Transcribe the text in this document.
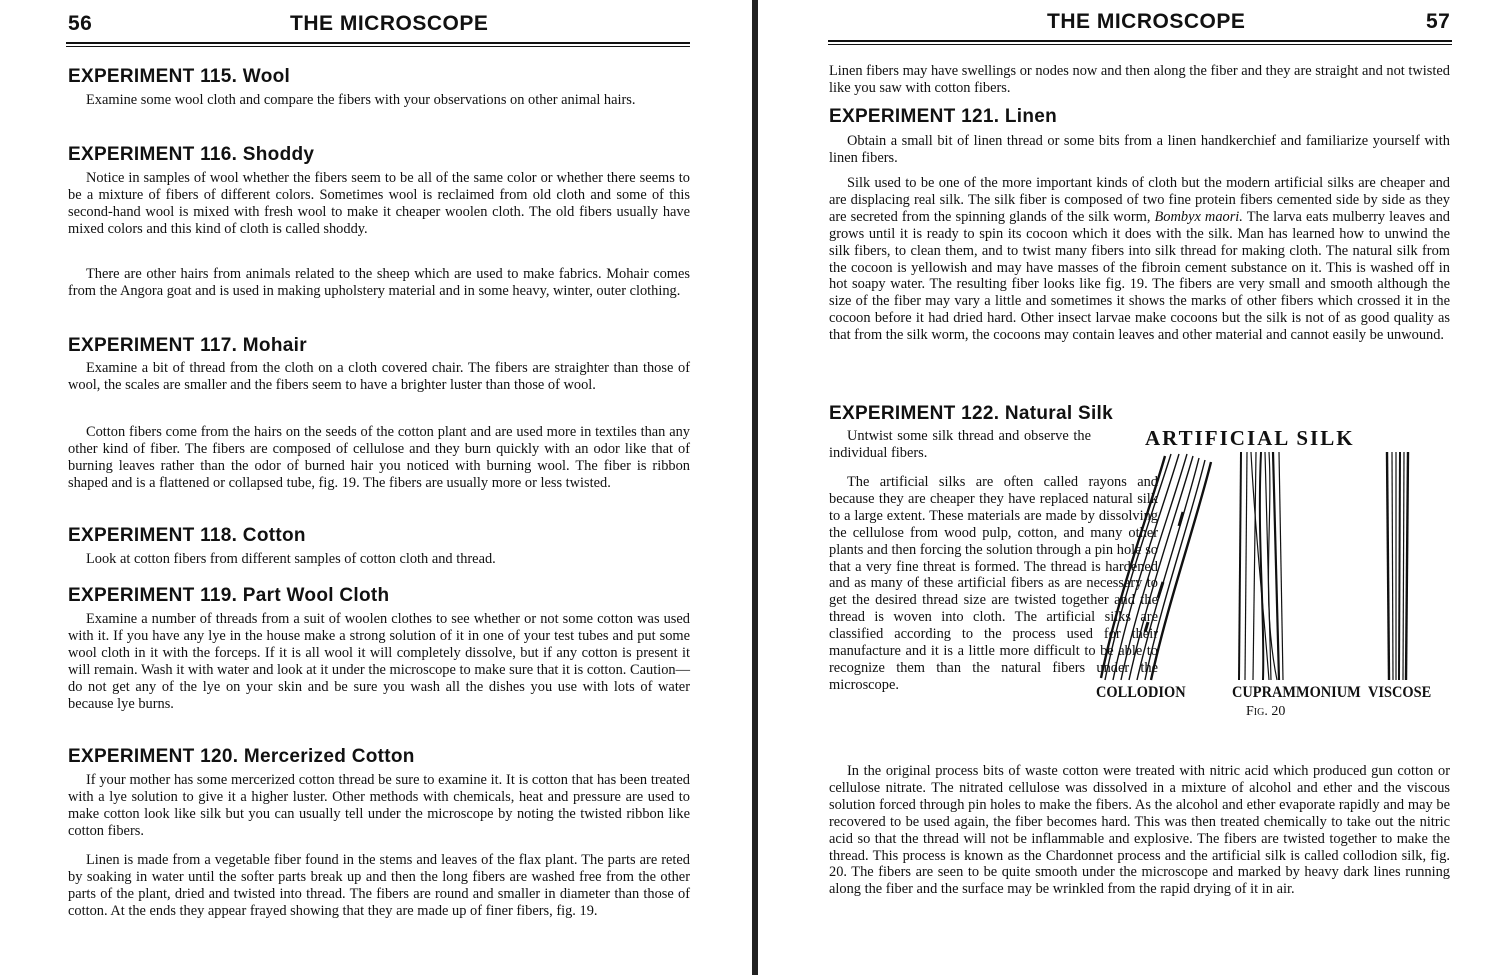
56	THE MICROSCOPE
EXPERIMENT 115. Wool

Examine some wool cloth and compare the fibers with your observations on other animal hairs.

EXPERIMENT 116. Shoddy

Notice in samples of wool whether the fibers seem to be all of the same color or whether there seems to be a mixture of fibers of different colors. Sometimes wool is reclaimed from old cloth and some of this second-hand wool is mixed with fresh wool to make it cheaper woolen cloth. The old fibers usually have mixed colors and this kind of cloth is called shoddy.

There are other hairs from animals related to the sheep which are used to make fabrics. Mohair comes from the Angora goat and is used in making upholstery material and in some heavy, winter, outer clothing.

EXPERIMENT 117. Mohair

Examine a bit of thread from the cloth on a cloth covered chair. The fibers are straighter than those of wool, the scales are smaller and the fibers seem to have a brighter luster than those of wool.

Cotton fibers come from the hairs on the seeds of the cotton plant and are used more in textiles than any other kind of fiber. The fibers are composed of cellulose and they burn quickly with an odor like that of burning leaves rather than the odor of burned hair you noticed with burning wool. The fiber is ribbon shaped and is a flattened or collapsed tube, fig. 19. The fibers are usually more or less twisted.

EXPERIMENT 118. Cotton

Look at cotton fibers from different samples of cotton cloth and thread.

EXPERIMENT 119. Part Wool Cloth

Examine a number of threads from a suit of woolen clothes to see whether or not some cotton was used with it. If you have any lye in the house make a strong solution of it in one of your test tubes and put some wool cloth in it with the forceps. If it is all wool it will completely dissolve, but if any cotton is present it will remain. Wash it with water and look at it under the microscope to make sure that it is cotton. Caution—do not get any of the lye on your skin and be sure you wash all the dishes you use with lots of water because lye burns.

EXPERIMENT 120. Mercerized Cotton

If your mother has some mercerized cotton thread be sure to examine it. It is cotton that has been treated with a lye solution to give it a higher luster. Other methods with chemicals, heat and pressure are used to make cotton look like silk but you can usually tell under the microscope by noting the twisted ribbon like cotton fibers.

Linen is made from a vegetable fiber found in the stems and leaves of the flax plant. The parts are reted by soaking in water until the softer parts break up and then the long fibers are washed free from the other parts of the plant, dried and twisted into thread. The fibers are round and smaller in diameter than those of cotton. At the ends they appear frayed showing that they are made up of finer fibers, fig. 19.

THE MICROSCOPE	57

Linen fibers may have swellings or nodes now and then along the fiber and they are straight and not twisted like you saw with cotton fibers.

EXPERIMENT 121. Linen

Obtain a small bit of linen thread or some bits from a linen handkerchief and familiarize yourself with linen fibers.

Silk used to be one of the more important kinds of cloth but the modern artificial silks are cheaper and are displacing real silk. The silk fiber is composed of two fine protein fibers cemented side by side as they are secreted from the spinning glands of the silk worm, Bombyx maori. The larva eats mulberry leaves and grows until it is ready to spin its cocoon which it does with the silk. Man has learned how to unwind the silk fibers, to clean them, and to twist many fibers into silk thread for making cloth. The natural silk from the cocoon is yellowish and may have masses of the fibroin cement substance on it. This is washed off in hot soapy water. The resulting fiber looks like fig. 19. The fibers are very small and smooth although the size of the fiber may vary a little and sometimes it shows the marks of other fibers which crossed it in the cocoon before it had dried hard. Other insect larvae make cocoons but the silk is not of as good quality as that from the silk worm, the cocoons may contain leaves and other material and cannot easily be unwound.

EXPERIMENT 122. Natural Silk

Untwist some silk thread and observe the individual fibers.

ARTIFICIAL SILK
COLLODION	CUPRAMMONIUM VISCOSE
Fig. 20

The artificial silks are often called rayons and because they are cheaper they have replaced natural silk to a large extent. These materials are made by dissolving the cellulose from wood pulp, cotton, and many other plants and then forcing the solution through a pin hole so that a very fine threat is formed. The thread is hardened and as many of these artificial fibers as are necessary to get the desired thread size are twisted together and the thread is woven into cloth. The artificial silks are classified according to the process used for their manufacture and it is a little more difficult to be able to recognize them than the natural fibers under the microscope.

In the original process bits of waste cotton were treated with nitric acid which produced gun cotton or cellulose nitrate. The nitrated cellulose was dissolved in a mixture of alcohol and ether and the viscous solution forced through pin holes to make the fibers. As the alcohol and ether evaporate rapidly and may be recovered to be used again, the fiber becomes hard. This was then treated chemically to take out the nitric acid so that the thread will not be inflammable and explosive. The fibers are twisted together to make the thread. This process is known as the Chardonnet process and the artificial silk is called collodion silk, fig. 20. The fibers are seen to be quite smooth under the microscope and marked by heavy dark lines running along the fiber and the surface may be wrinkled from the rapid drying of it in air.
